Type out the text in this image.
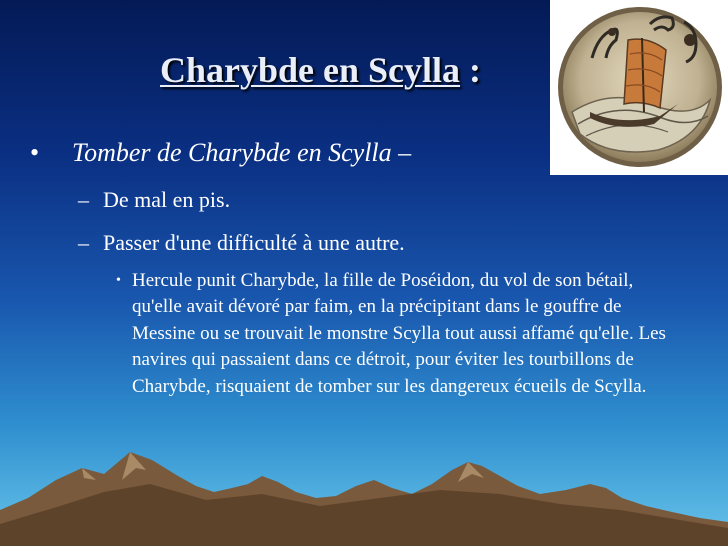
Charybde en Scylla :
• Tomber de Charybde en Scylla –
– De mal en pis.
– Passer d'une difficulté à une autre.
• Hercule punit Charybde, la fille de Poséidon, du vol de son bétail, qu'elle avait dévoré par faim, en la précipitant dans le gouffre de Messine ou se trouvait le monstre Scylla tout aussi affamé qu'elle. Les navires qui passaient dans ce détroit, pour éviter les tourbillons de Charybde, risquaient de tomber sur les dangereux écueils de Scylla.
